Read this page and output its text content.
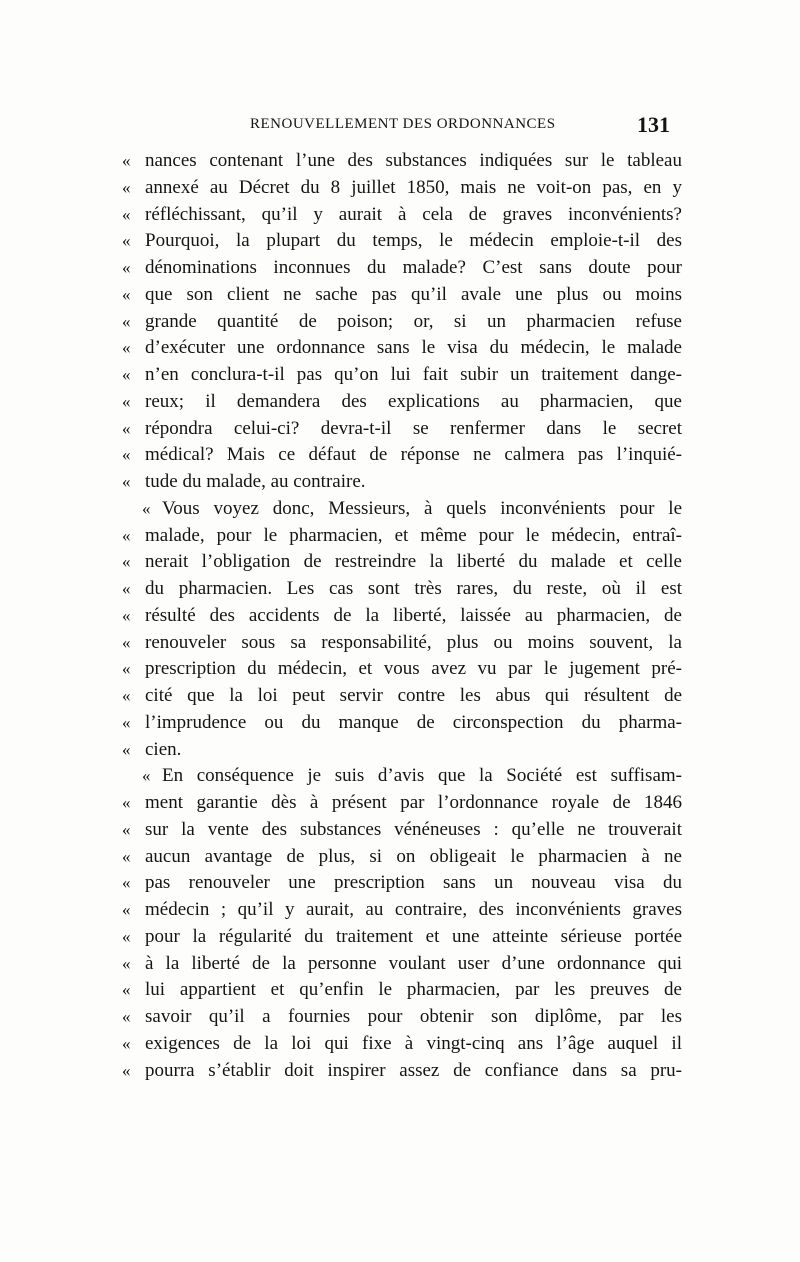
RENOUVELLEMENT DES ORDONNANCES	131
« nances contenant l’une des substances indiquées sur le tableau
« annexé au Décret du 8 juillet 1850, mais ne voit-on pas, en y
« réfléchissant, qu’il y aurait à cela de graves inconvénients?
« Pourquoi, la plupart du temps, le médecin emploie-t-il des
« dénominations inconnues du malade? C’est sans doute pour
« que son client ne sache pas qu’il avale une plus ou moins
« grande quantité de poison; or, si un pharmacien refuse
« d’exécuter une ordonnance sans le visa du médecin, le malade
« n’en conclura-t-il pas qu’on lui fait subir un traitement dange-
« reux; il demandera des explications au pharmacien, que
« répondra celui-ci? devra-t-il se renfermer dans le secret
« médical? Mais ce défaut de réponse ne calmera pas l’inquié-
« tude du malade, au contraire.
« Vous voyez donc, Messieurs, à quels inconvénients pour le
« malade, pour le pharmacien, et même pour le médecin, entraî-
« nerait l’obligation de restreindre la liberté du malade et celle
« du pharmacien. Les cas sont très rares, du reste, où il est
« résulté des accidents de la liberté, laissée au pharmacien, de
« renouveler sous sa responsabilité, plus ou moins souvent, la
« prescription du médecin, et vous avez vu par le jugement pré-
« cité que la loi peut servir contre les abus qui résultent de
« l’imprudence ou du manque de circonspection du pharma-
« cien.
« En conséquence je suis d’avis que la Société est suffisam-
« ment garantie dès à présent par l’ordonnance royale de 1846
« sur la vente des substances vénéneuses : qu’elle ne trouverait
« aucun avantage de plus, si on obligeait le pharmacien à ne
« pas renouveler une prescription sans un nouveau visa du
« médecin ; qu’il y aurait, au contraire, des inconvénients graves
« pour la régularité du traitement et une atteinte sérieuse portée
« à la liberté de la personne voulant user d’une ordonnance qui
« lui appartient et qu’enfin le pharmacien, par les preuves de
« savoir qu’il a fournies pour obtenir son diplôme, par les
« exigences de la loi qui fixe à vingt-cinq ans l’âge auquel il
« pourra s’établir doit inspirer assez de confiance dans sa pru-
